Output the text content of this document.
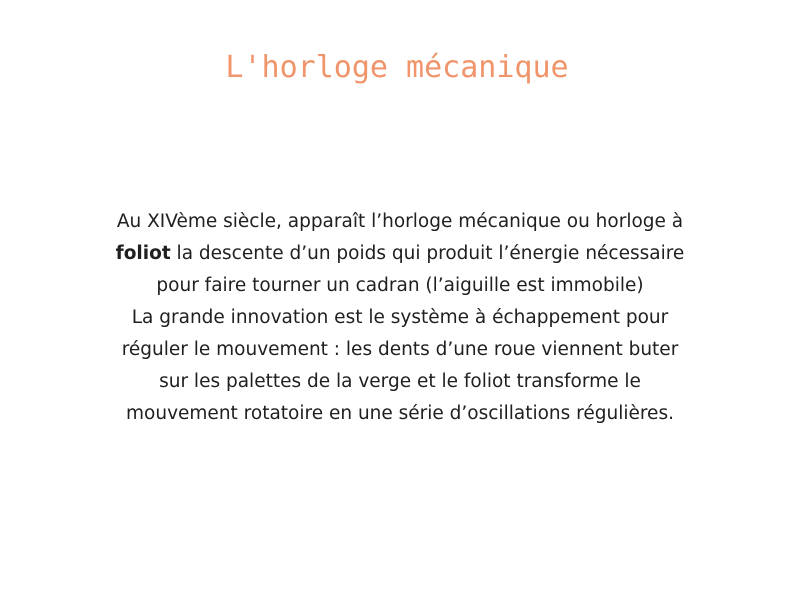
L'horloge mécanique

Au XIVème siècle, apparaît l’horloge mécanique ou horloge à foliot la descente d’un poids qui produit l’énergie nécessaire pour faire tourner un cadran (l’aiguille est immobile)

La grande innovation est le système à échappement pour réguler le mouvement : les dents d’une roue viennent buter sur les palettes de la verge et le foliot transforme le mouvement rotatoire en une série d’oscillations régulières.
